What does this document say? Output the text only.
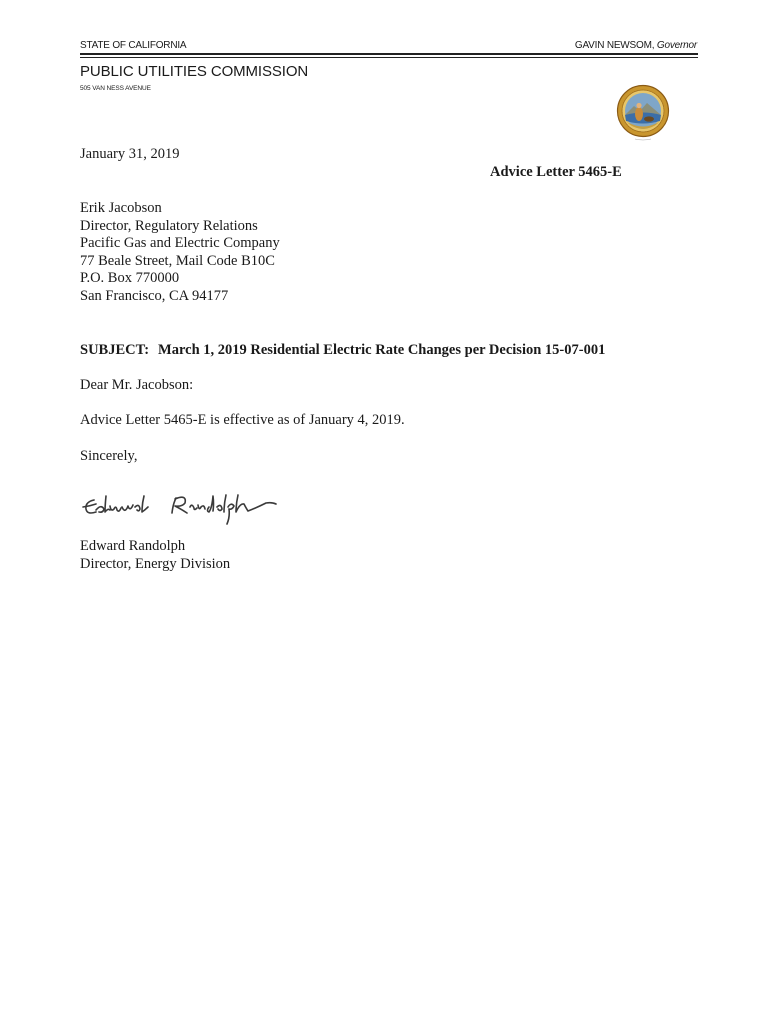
STATE OF CALIFORNIA	GAVIN NEWSOM, Governor
PUBLIC UTILITIES COMMISSION
505 VAN NESS AVENUE
January 31, 2019
Advice Letter 5465-E
Erik Jacobson
Director, Regulatory Relations
Pacific Gas and Electric Company
77 Beale Street, Mail Code B10C
P.O. Box 770000
San Francisco, CA 94177
SUBJECT: March 1, 2019 Residential Electric Rate Changes per Decision 15-07-001
Dear Mr. Jacobson:
Advice Letter 5465-E is effective as of January 4, 2019.
Sincerely,
Edward Randolph
Director, Energy Division
